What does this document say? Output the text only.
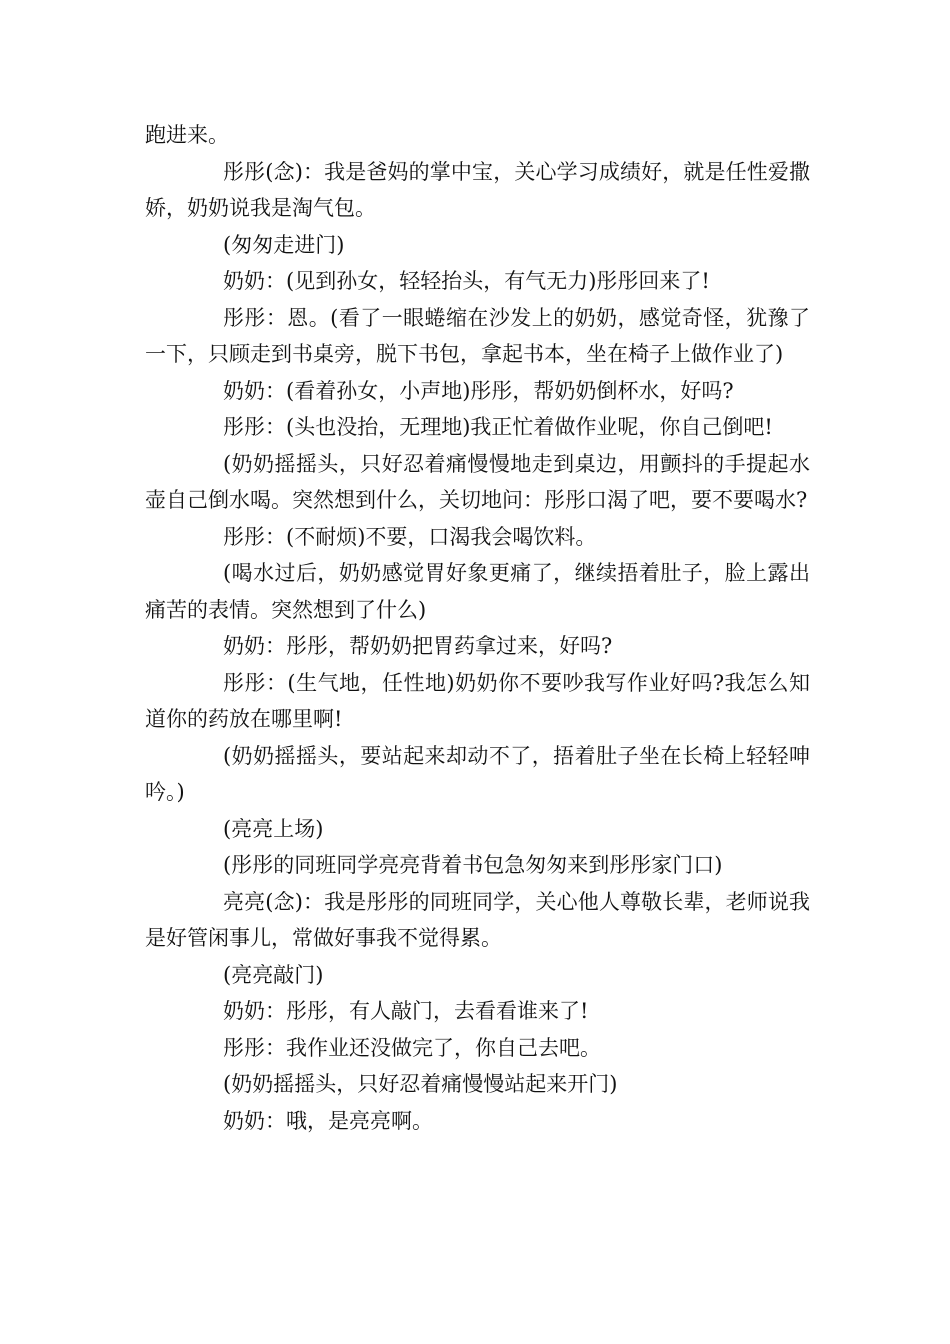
跑进来。

彤彤(念)：我是爸妈的掌中宝，关心学习成绩好，就是任性爱撒娇，奶奶说我是淘气包。

(匆匆走进门)

奶奶：(见到孙女，轻轻抬头，有气无力)彤彤回来了!

彤彤：恩。(看了一眼蜷缩在沙发上的奶奶，感觉奇怪，犹豫了一下，只顾走到书桌旁，脱下书包，拿起书本，坐在椅子上做作业了)

奶奶：(看着孙女，小声地)彤彤，帮奶奶倒杯水，好吗?

彤彤：(头也没抬，无理地)我正忙着做作业呢，你自己倒吧!

(奶奶摇摇头，只好忍着痛慢慢地走到桌边，用颤抖的手提起水壶自己倒水喝。突然想到什么，关切地问：彤彤口渴了吧，要不要喝水?

彤彤：(不耐烦)不要，口渴我会喝饮料。

(喝水过后，奶奶感觉胃好象更痛了，继续捂着肚子，脸上露出痛苦的表情。突然想到了什么)

奶奶：彤彤，帮奶奶把胃药拿过来，好吗?

彤彤：(生气地，任性地)奶奶你不要吵我写作业好吗?我怎么知道你的药放在哪里啊!

(奶奶摇摇头，要站起来却动不了，捂着肚子坐在长椅上轻轻呻吟。)

(亮亮上场)

(彤彤的同班同学亮亮背着书包急匆匆来到彤彤家门口)

亮亮(念)：我是彤彤的同班同学，关心他人尊敬长辈，老师说我是好管闲事儿，常做好事我不觉得累。

(亮亮敲门)

奶奶：彤彤，有人敲门，去看看谁来了!

彤彤：我作业还没做完了，你自己去吧。

(奶奶摇摇头，只好忍着痛慢慢站起来开门)

奶奶：哦，是亮亮啊。
